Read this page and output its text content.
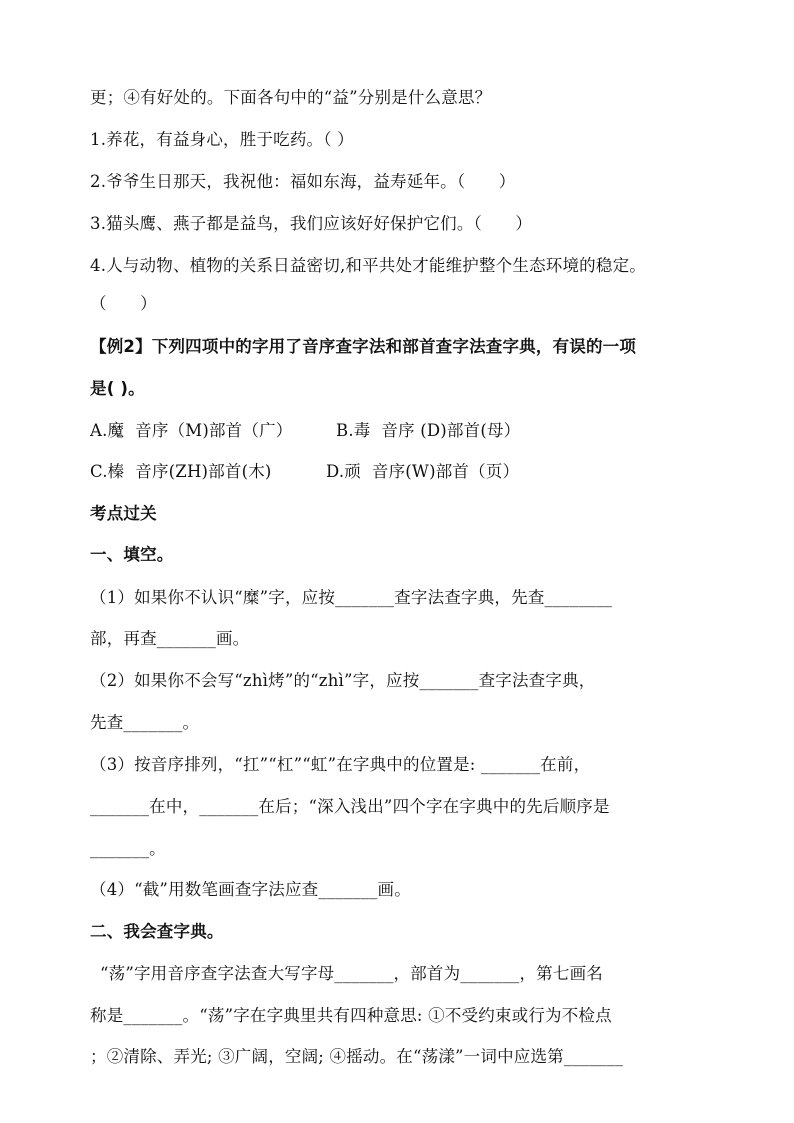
更；④有好处的。下面各句中的“益”分别是什么意思？
1.养花，有益身心，胜于吃药。（ ）
2.爷爷生日那天，我祝他：福如东海，益寿延年。（　　）
3.猫头鹰、燕子都是益鸟，我们应该好好保护它们。（　　）
4.人与动物、植物的关系日益密切,和平共处才能维护整个生态环境的稳定。
（　　）
【例2】下列四项中的字用了音序查字法和部首查字法查字典，有误的一项
是( )。
A.魔  音序（M)部首（广）        B.毒  音序 (D)部首(母）
C.榛  音序(ZH)部首(木)          D.顽  音序(W)部首（页）
考点过关
一、填空。
（1）如果你不认识“糜”字，应按_______查字法查字典，先查________
部，再查_______画。
（2）如果你不会写“zhì烤”的“zhì”字，应按_______查字法查字典，
先查_______。
（3）按音序排列，“扛”“杠”“虹”在字典中的位置是: _______在前，
_______在中，_______在后；“深入浅出”四个字在字典中的先后顺序是
_______。
（4）“截”用数笔画查字法应查_______画。
二、我会查字典。
“荡”字用音序查字法查大写字母_______，部首为_______，第七画名
称是_______。“荡”字在字典里共有四种意思: ①不受约束或行为不检点
；②清除、弄光; ③广阔，空阔; ④摇动。在“荡漾”一词中应选第_______
